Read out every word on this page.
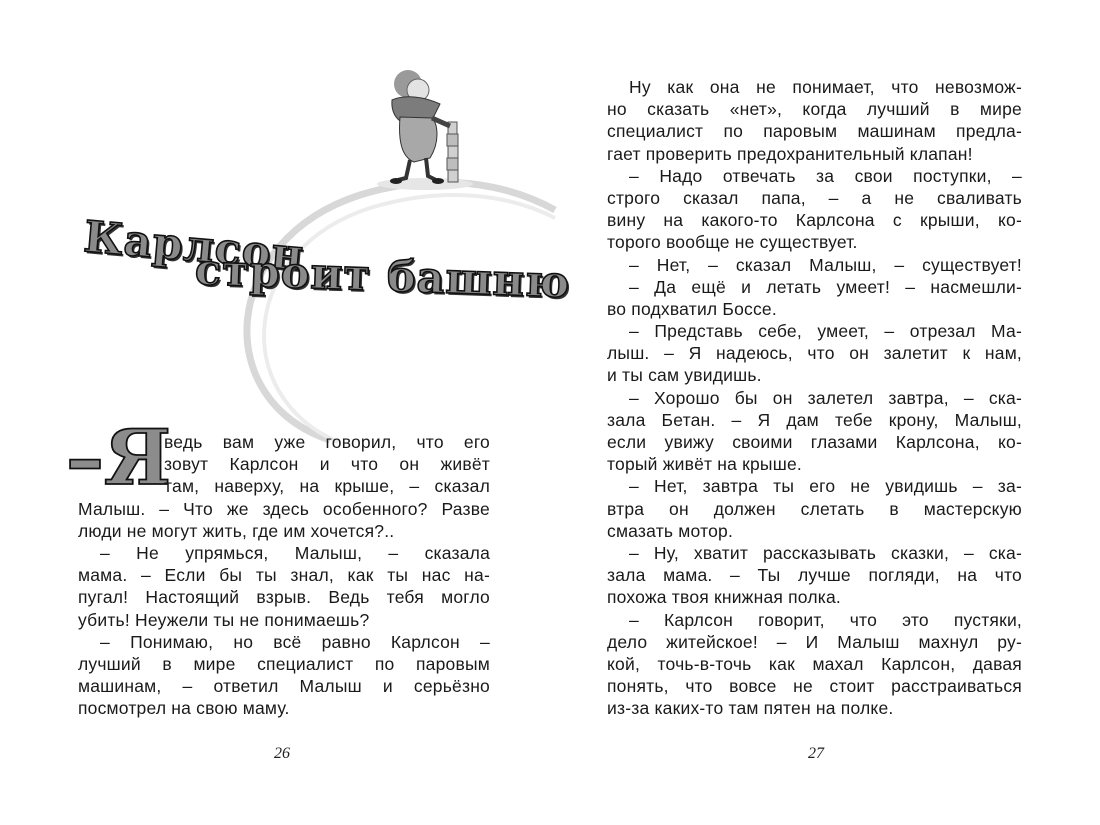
Карлсон
строит башню
–Я
ведь вам уже говорил, что его
зовут Карлсон и что он живёт
там, наверху, на крыше, – сказал
Малыш. – Что же здесь особенного? Разве
люди не могут жить, где им хочется?..
– Не упрямься, Малыш, – сказала
мама. – Если бы ты знал, как ты нас на-
пугал! Настоящий взрыв. Ведь тебя могло
убить! Неужели ты не понимаешь?
– Понимаю, но всё равно Карлсон –
лучший в мире специалист по паровым
машинам, – ответил Малыш и серьёзно
посмотрел на свою маму.
26
Ну как она не понимает, что невозмож-
но сказать «нет», когда лучший в мире
специалист по паровым машинам предла-
гает проверить предохранительный клапан!
– Надо отвечать за свои поступки, –
строго сказал папа, – а не сваливать
вину на какого-то Карлсона с крыши, ко-
торого вообще не существует.
– Нет, – сказал Малыш, – существует!
– Да ещё и летать умеет! – насмешли-
во подхватил Боссе.
– Представь себе, умеет, – отрезал Ма-
лыш. – Я надеюсь, что он залетит к нам,
и ты сам увидишь.
– Хорошо бы он залетел завтра, – ска-
зала Бетан. – Я дам тебе крону, Малыш,
если увижу своими глазами Карлсона, ко-
торый живёт на крыше.
– Нет, завтра ты его не увидишь – за-
втра он должен слетать в мастерскую
смазать мотор.
– Ну, хватит рассказывать сказки, – ска-
зала мама. – Ты лучше погляди, на что
похожа твоя книжная полка.
– Карлсон говорит, что это пустяки,
дело житейское! – И Малыш махнул ру-
кой, точь-в-точь как махал Карлсон, давая
понять, что вовсе не стоит расстраиваться
из-за каких-то там пятен на полке.
27
